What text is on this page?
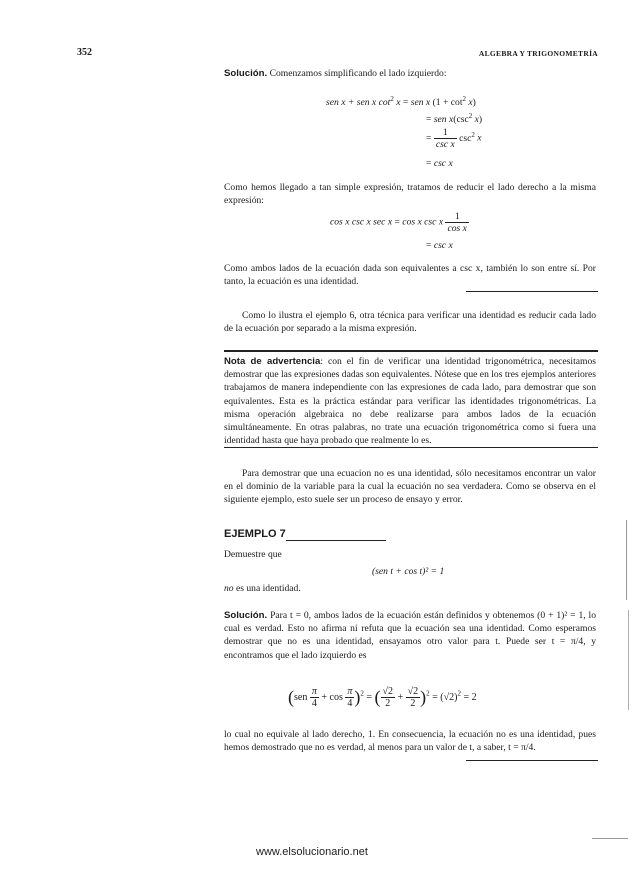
352	ALGEBRA Y TRIGONOMETRÍA

Solución. Comenzamos simplificando el lado izquierdo:

sen x + sen x $\cot^2 x$ = sen x $(1 + \cot^2 x)$
= sen $x(\csc^2$ x)
= $\frac{1}{\text{csc x}} \csc^2 x$
= csc x

Como hemos llegado a tan simple expresión, tratamos de reducir el lado derecho a la misma expresión:

cos x csc x sec x = cos x csc x $\frac{1}{\text{cos x}}$
= csc x

Como ambos lados de la ecuación dada son equivalentes a csc x, también lo son entre sí. Por tanto, la ecuación es una identidad.

Como lo ilustra el ejemplo 6, otra técnica para verificar una identidad es reducir cada lado de la ecuación por separado a la misma expresión.

Nota de advertencia: con el fin de verificar una identidad trigonométrica, necesitamos demostrar que las expresiones dadas son equivalentes. Nótese que en los tres ejemplos anteriores trabajamos de manera independiente con las expresiones de cada lado, para demostrar que son equivalentes. Esta es la práctica estándar para verificar las identidades trigonométricas. La misma operación algebraica no debe realizarse para ambos lados de la ecuación simultáneamente. En otras palabras, no trate una ecuación trigonométrica como si fuera una identidad hasta que haya probado que realmente lo es.

Para demostrar que una ecuacion no es una identidad, sólo necesitamos encontrar un valor en el dominio de la variable para la cual la ecuación no sea verdadera. Como se observa en el siguiente ejemplo, esto suele ser un proceso de ensayo y error.

EJEMPLO 7

Demuestre que

(sen t + cos t)² = 1

no es una identidad.

Solución. Para t = 0, ambos lados de la ecuación están definidos y obtenemos (0 + 1)² = 1, lo cual es verdad. Esto no afirma ni refuta que la ecuación sea una identidad. Como esperamos demostrar que no es una identidad, ensayamos otro valor para t. Puede ser t = π/4, y encontramos que el lado izquierdo es

$(sen \frac{\pi}{4} + \cos \frac{\pi}{4} )^2$ = ( $\frac{√2}{2} + \frac{√2}{2} )^2 = (√2)^2 = 2$

lo cual no equivale al lado derecho, 1. En consecuencia, la ecuación no es una identidad, pues hemos demostrado que no es verdad, al menos para un valor de t, a saber, t = π/4.

www.elsolucionario.net
